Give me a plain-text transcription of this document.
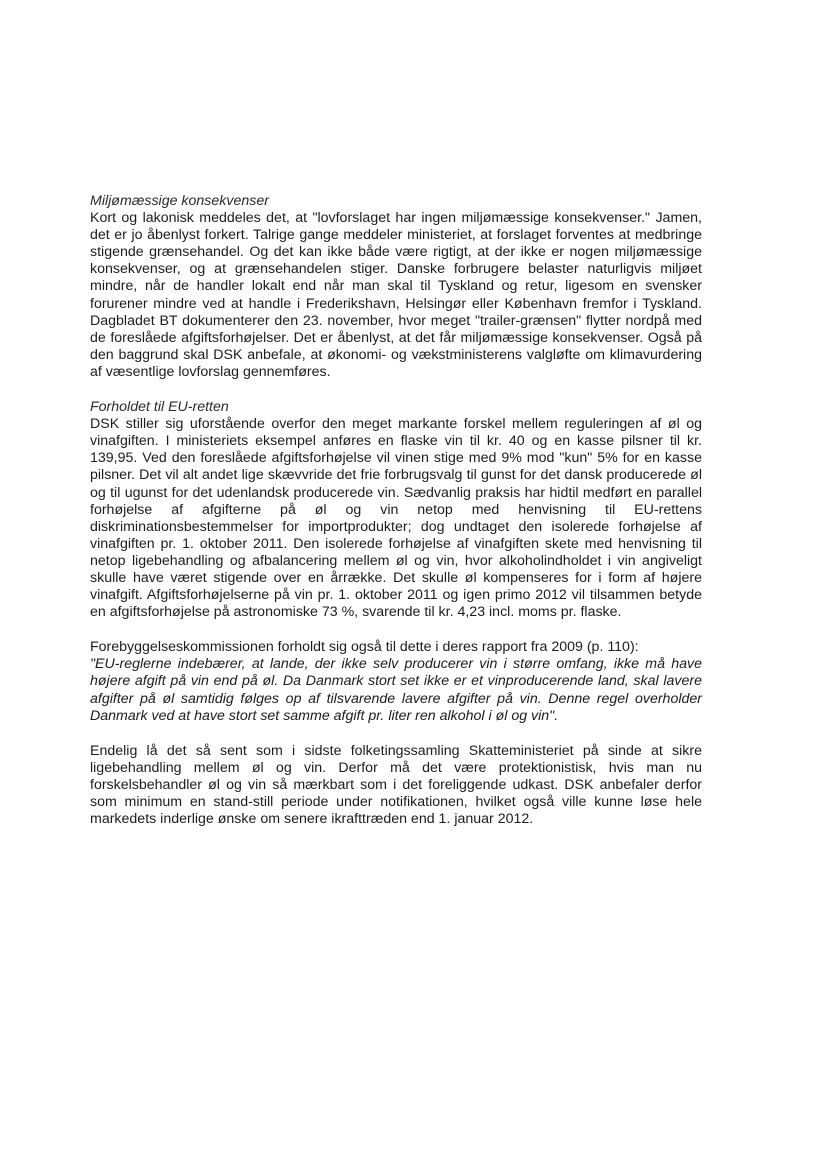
Miljømæssige konsekvenser

Kort og lakonisk meddeles det, at "lovforslaget har ingen miljømæssige konsekvenser." Jamen, det er jo åbenlyst forkert. Talrige gange meddeler ministeriet, at forslaget forventes at medbringe stigende grænsehandel. Og det kan ikke både være rigtigt, at der ikke er nogen miljømæssige konsekvenser, og at grænsehandelen stiger. Danske forbrugere belaster naturligvis miljøet mindre, når de handler lokalt end når man skal til Tyskland og retur, ligesom en svensker forurener mindre ved at handle i Frederikshavn, Helsingør eller København fremfor i Tyskland. Dagbladet BT dokumenterer den 23. november, hvor meget "trailer-grænsen" flytter nordpå med de foreslåede afgiftsforhøjelser. Det er åbenlyst, at det får miljømæssige konsekvenser. Også på den baggrund skal DSK anbefale, at økonomi- og vækstministerens valgløfte om klimavurdering af væsentlige lovforslag gennemføres.

Forholdet til EU-retten

DSK stiller sig uforstående overfor den meget markante forskel mellem reguleringen af øl og vinafgiften. I ministeriets eksempel anføres en flaske vin til kr. 40 og en kasse pilsner til kr. 139,95. Ved den foreslåede afgiftsforhøjelse vil vinen stige med 9% mod "kun" 5% for en kasse pilsner. Det vil alt andet lige skævvride det frie forbrugsvalg til gunst for det dansk producerede øl og til ugunst for det udenlandsk producerede vin. Sædvanlig praksis har hidtil medført en parallel forhøjelse af afgifterne på øl og vin netop med henvisning til EU-rettens diskriminationsbestemmelser for importprodukter; dog undtaget den isolerede forhøjelse af vinafgiften pr. 1. oktober 2011. Den isolerede forhøjelse af vinafgiften skete med henvisning til netop ligebehandling og afbalancering mellem øl og vin, hvor alkoholindholdet i vin angiveligt skulle have været stigende over en årrække. Det skulle øl kompenseres for i form af højere vinafgift. Afgiftsforhøjelserne på vin pr. 1. oktober 2011 og igen primo 2012 vil tilsammen betyde en afgiftsforhøjelse på astronomiske 73 %, svarende til kr. 4,23 incl. moms pr. flaske.

Forebyggelseskommissionen forholdt sig også til dette i deres rapport fra 2009 (p. 110):

"EU-reglerne indebærer, at lande, der ikke selv producerer vin i større omfang, ikke må have højere afgift på vin end på øl. Da Danmark stort set ikke er et vinproducerende land, skal lavere afgifter på øl samtidig følges op af tilsvarende lavere afgifter på vin. Denne regel overholder Danmark ved at have stort set samme afgift pr. liter ren alkohol i øl og vin".

Endelig lå det så sent som i sidste folketingssamling Skatteministeriet på sinde at sikre ligebehandling mellem øl og vin. Derfor må det være protektionistisk, hvis man nu forskelsbehandler øl og vin så mærkbart som i det foreliggende udkast. DSK anbefaler derfor som minimum en stand-still periode under notifikationen, hvilket også ville kunne løse hele markedets inderlige ønske om senere ikrafttræden end 1. januar 2012.
